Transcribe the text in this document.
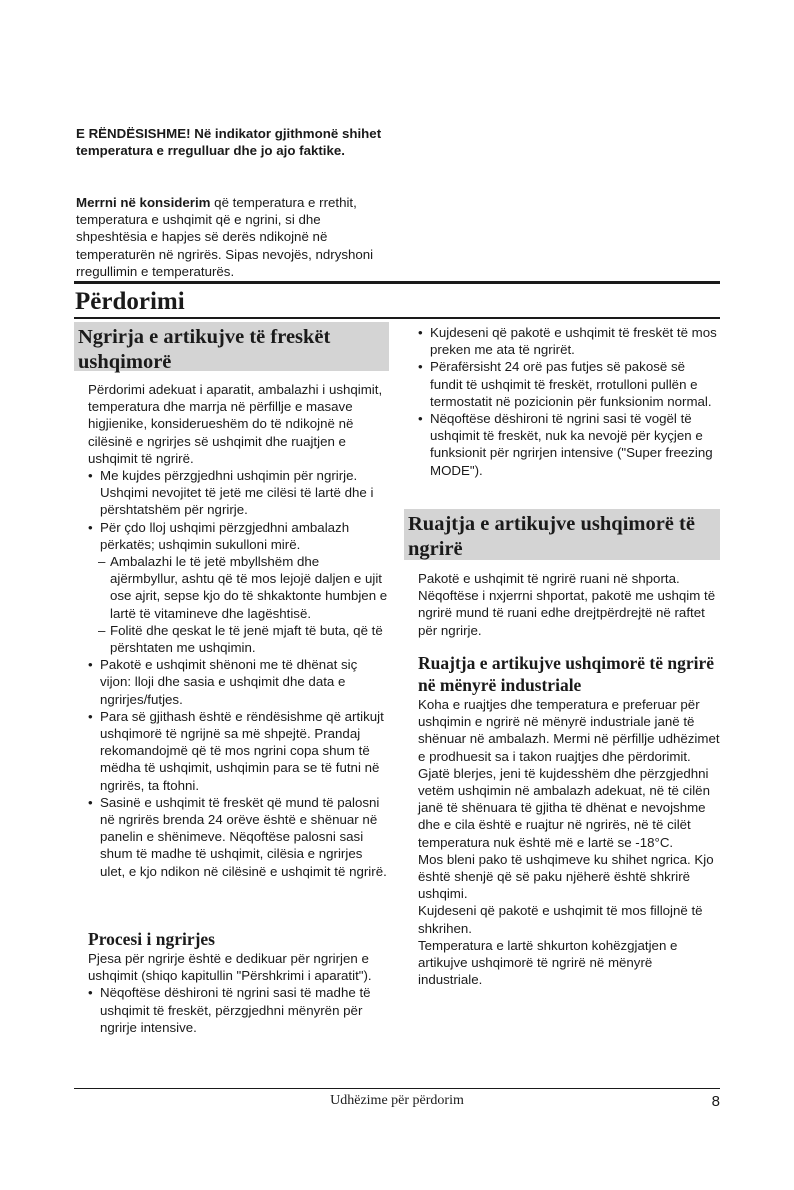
E RËNDËSISHME! Në indikator gjithmonë shihet temperatura e rregulluar dhe jo ajo faktike.

Merrni në konsiderim që temperatura e rrethit, temperatura e ushqimit që e ngrini, si dhe shpeshtësia e hapjes së derës ndikojnë në temperaturën në ngrirës. Sipas nevojës, ndryshoni rregullimin e temperaturës.

Përdorimi
Ngrirja e artikujve të freskët ushqimorë

Përdorimi adekuat i aparatit, ambalazhi i ushqimit, temperatura dhe marrja në përfillje e masave higjienike, konsiderueshëm do të ndikojnë në cilësinë e ngrirjes së ushqimit dhe ruajtjen e ushqimit të ngrirë.

• Me kujdes përzgjedhni ushqimin për ngrirje. Ushqimi nevojitet të jetë me cilësi të lartë dhe i përshtatshëm për ngrirje.
• Për çdo lloj ushqimi përzgjedhni ambalazh përkatës; ushqimin sukulloni mirë.
– Ambalazhi le të jetë mbyllshëm dhe ajërmbyllur, ashtu që të mos lejojë daljen e ujit ose ajrit, sepse kjo do të shkaktonte humbjen e lartë të vitamineve dhe lagështisë.
– Folitë dhe qeskat le të jenë mjaft të buta, që të përshtaten me ushqimin.
• Pakotë e ushqimit shënoni me të dhënat siç vijon: lloji dhe sasia e ushqimit dhe data e ngrirjes/futjes.
• Para së gjithash është e rëndësishme që artikujt ushqimorë të ngrijnë sa më shpejtë. Prandaj rekomandojmë që të mos ngrini copa shum të mëdha të ushqimit, ushqimin para se të futni në ngrirës, ta ftohni.
• Sasinë e ushqimit të freskët që mund të palosni në ngrirës brenda 24 orëve është e shënuar në panelin e shënimeve. Nëqoftëse palosni sasi shum të madhe të ushqimit, cilësia e ngrirjes ulet, e kjo ndikon në cilësinë e ushqimit të ngrirë.
Procesi i ngrirjes

Pjesa për ngrirje është e dedikuar për ngrirjen e ushqimit (shiqo kapitullin "Përshkrimi i aparatit").

• Nëqoftëse dëshironi të ngrini sasi të madhe të ushqimit të freskët, përzgjedhni mënyrën për ngrirje intensive.
• Kujdeseni që pakotë e ushqimit të freskët të mos preken me ata të ngrirët.
• Përafërsisht 24 orë pas futjes së pakosë së fundit të ushqimit të freskët, rrotulloni pullën e termostatit në pozicionin për funksionim normal.
• Nëqoftëse dëshironi të ngrini sasi të vogël të ushqimit të freskët, nuk ka nevojë për kyçjen e funksionit për ngrirjen intensive ("Super freezing MODE").
Ruajtja e artikujve ushqimorë të ngrirë

Pakotë e ushqimit të ngrirë ruani në shporta. Nëqoftëse i nxjerrni shportat, pakotë me ushqim të ngrirë mund të ruani edhe drejtpërdrejtë në raftet për ngrirje.

Ruajtja e artikujve ushqimorë të ngrirë në mënyrë industriale

Koha e ruajtjes dhe temperatura e preferuar për ushqimin e ngrirë në mënyrë industriale janë të shënuar në ambalazh. Mermi në përfillje udhëzimet e prodhuesit sa i takon ruajtjes dhe përdorimit.

Gjatë blerjes, jeni të kujdesshëm dhe përzgjedhni vetëm ushqimin në ambalazh adekuat, në të cilën janë të shënuara të gjitha të dhënat e nevojshme dhe e cila është e ruajtur në ngrirës, në të cilët temperatura nuk është më e lartë se -18°C.

Mos bleni pako të ushqimeve ku shihet ngrica. Kjo është shenjë që së paku njëherë është shkrirë ushqimi.

Kujdeseni që pakotë e ushqimit të mos fillojnë të shkrihen.

Temperatura e lartë shkurton kohëzgjatjen e artikujve ushqimorë të ngrirë në mënyrë industriale.

Udhëzime për përdorim	8
